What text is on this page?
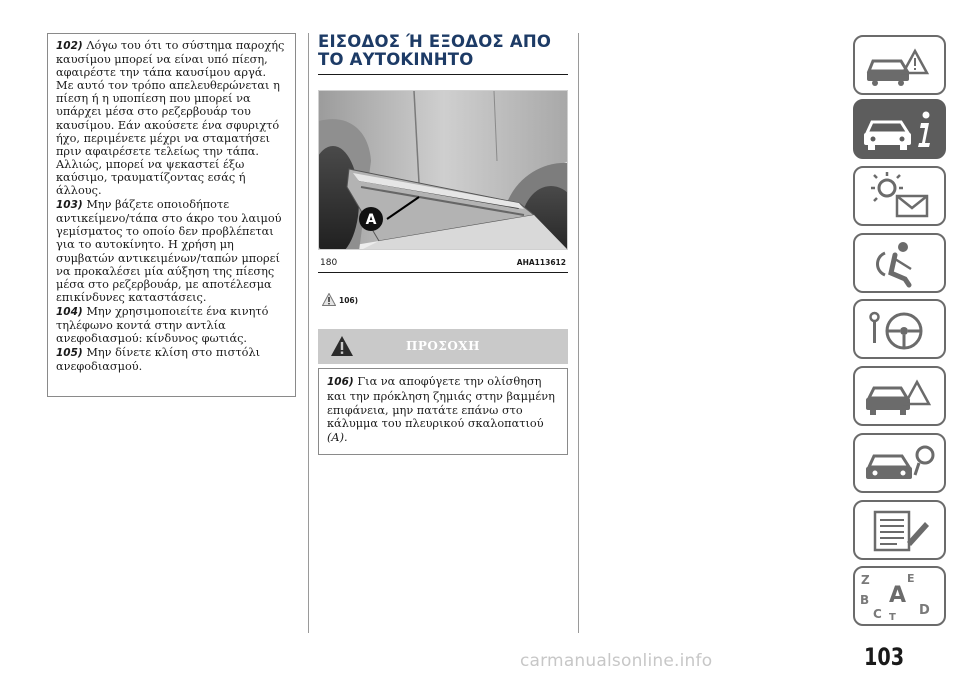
102) Λόγω του ότι το σύστημα παροχής καυσίμου μπορεί να είναι υπό πίεση, αφαιρέστε την τάπα καυσίμου αργά. Με αυτό τον τρόπο απελευθερώνεται η πίεση ή η υποπίεση που μπορεί να υπάρχει μέσα στο ρεζερβουάρ του καυσίμου. Εάν ακούσετε ένα σφυριχτό ήχο, περιμένετε μέχρι να σταματήσει πριν αφαιρέσετε τελείως την τάπα. Αλλιώς, μπορεί να ψεκαστεί έξω καύσιμο, τραυματίζοντας εσάς ή άλλους.

103) Μην βάζετε οποιοδήποτε αντικείμενο/τάπα στο άκρο του λαιμού γεμίσματος το οποίο δεν προβλέπεται για το αυτοκίνητο. Η χρήση μη συμβατών αντικειμένων/ταπών μπορεί να προκαλέσει μία αύξηση της πίεσης μέσα στο ρεζερβουάρ, με αποτέλεσμα επικίνδυνες καταστάσεις.

104) Μην χρησιμοποιείτε ένα κινητό τηλέφωνο κοντά στην αντλία ανεφοδιασμού: κίνδυνος φωτιάς.

105) Μην δίνετε κλίση στο πιστόλι ανεφοδιασμού.

ΕΙΣΟΔΟΣ Ή ΕΞΟΔΟΣ ΑΠΟ
ΤΟ ΑΥΤΟΚΙΝΗΤΟ
A
180	AHA113612
106)
ΠΡΟΣΟΧΗ

106) Για να αποφύγετε την ολίσθηση και την πρόκληση ζημιάς στην βαμμένη επιφάνεια, μην πατάτε επάνω στο κάλυμμα του πλευρικού σκαλοπατιού (A).

Z	E
B A
C T D
103
carmanualsonline.info
